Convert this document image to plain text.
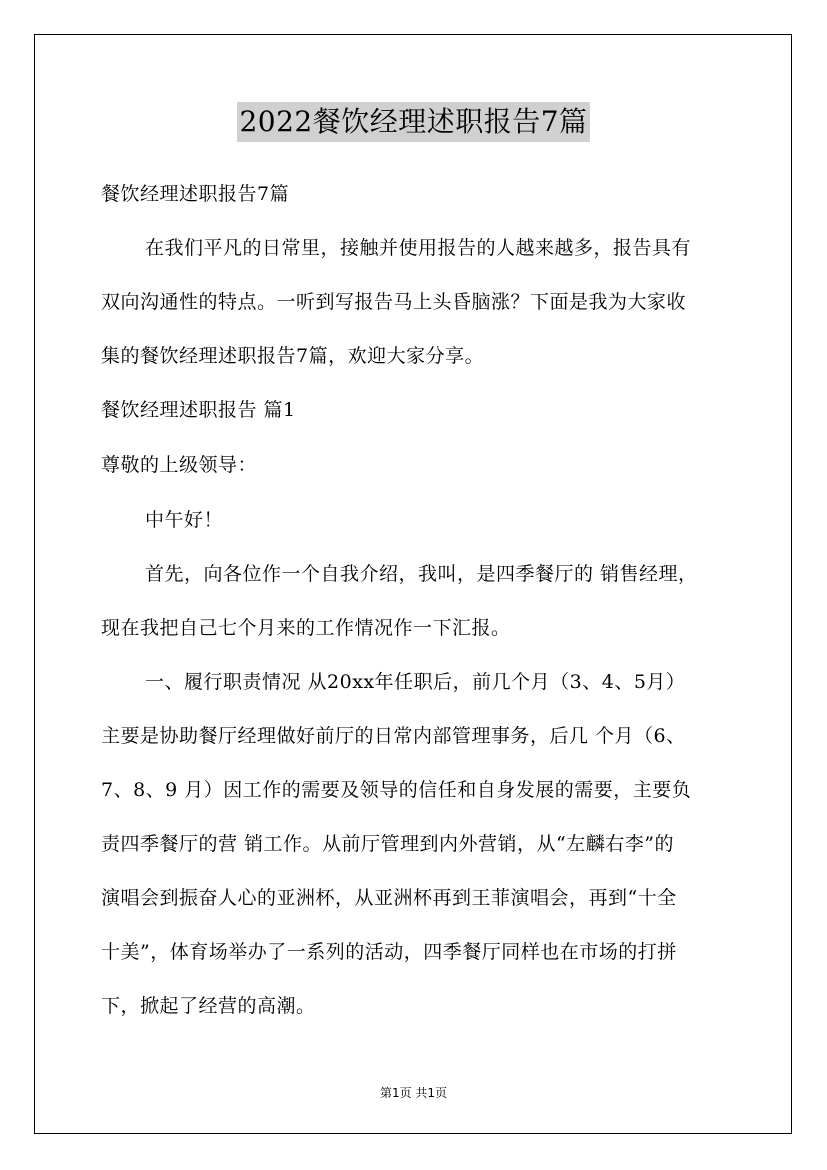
2022餐饮经理述职报告7篇
餐饮经理述职报告7篇
在我们平凡的日常里，接触并使用报告的人越来越多，报告具有
双向沟通性的特点。一听到写报告马上头昏脑涨？下面是我为大家收
集的餐饮经理述职报告7篇，欢迎大家分享。
餐饮经理述职报告 篇1
尊敬的上级领导：
中午好！
首先，向各位作一个自我介绍，我叫，是四季餐厅的 销售经理，
现在我把自己七个月来的工作情况作一下汇报。
一、履行职责情况 从20xx年任职后，前几个月（3、4、5月）
主要是协助餐厅经理做好前厅的日常内部管理事务，后几 个月（6、
7、8、9 月）因工作的需要及领导的信任和自身发展的需要，主要负
责四季餐厅的营 销工作。从前厅管理到内外营销，从“左麟右李”的
演唱会到振奋人心的亚洲杯，从亚洲杯再到王菲演唱会，再到“十全
十美”，体育场举办了一系列的活动，四季餐厅同样也在市场的打拼
下，掀起了经营的高潮。
第1页 共1页
